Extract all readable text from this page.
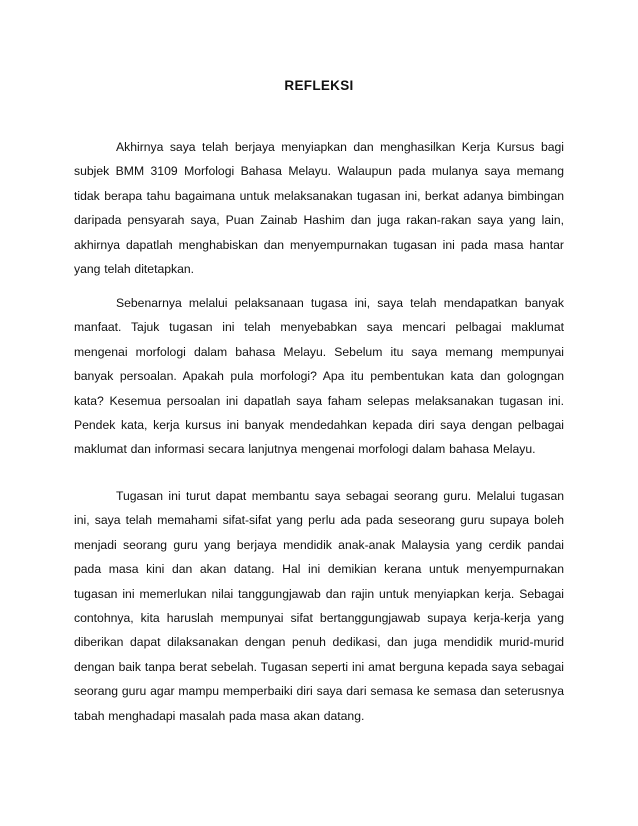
REFLEKSI

Akhirnya saya telah berjaya menyiapkan dan menghasilkan Kerja Kursus bagi subjek BMM 3109 Morfologi Bahasa Melayu. Walaupun pada mulanya saya memang tidak berapa tahu bagaimana untuk melaksanakan tugasan ini, berkat adanya bimbingan daripada pensyarah saya, Puan Zainab Hashim dan juga rakan-rakan saya yang lain, akhirnya dapatlah menghabiskan dan menyempurnakan tugasan ini pada masa hantar yang telah ditetapkan.

Sebenarnya melalui pelaksanaan tugasa ini, saya telah mendapatkan banyak manfaat. Tajuk tugasan ini telah menyebabkan saya mencari pelbagai maklumat mengenai morfologi dalam bahasa Melayu. Sebelum itu saya memang mempunyai banyak persoalan. Apakah pula morfologi? Apa itu pembentukan kata dan gologngan kata? Kesemua persoalan ini dapatlah saya faham selepas melaksanakan tugasan ini. Pendek kata, kerja kursus ini banyak mendedahkan kepada diri saya dengan pelbagai maklumat dan informasi secara lanjutnya mengenai morfologi dalam bahasa Melayu.

Tugasan ini turut dapat membantu saya sebagai seorang guru. Melalui tugasan ini, saya telah memahami sifat-sifat yang perlu ada pada seseorang guru supaya boleh menjadi seorang guru yang berjaya mendidik anak-anak Malaysia yang cerdik pandai pada masa kini dan akan datang. Hal ini demikian kerana untuk menyempurnakan tugasan ini memerlukan nilai tanggungjawab dan rajin untuk menyiapkan kerja. Sebagai contohnya, kita haruslah mempunyai sifat bertanggungjawab supaya kerja-kerja yang diberikan dapat dilaksanakan dengan penuh dedikasi, dan juga mendidik murid-murid dengan baik tanpa berat sebelah. Tugasan seperti ini amat berguna kepada saya sebagai seorang guru agar mampu memperbaiki diri saya dari semasa ke semasa dan seterusnya tabah menghadapi masalah pada masa akan datang.
